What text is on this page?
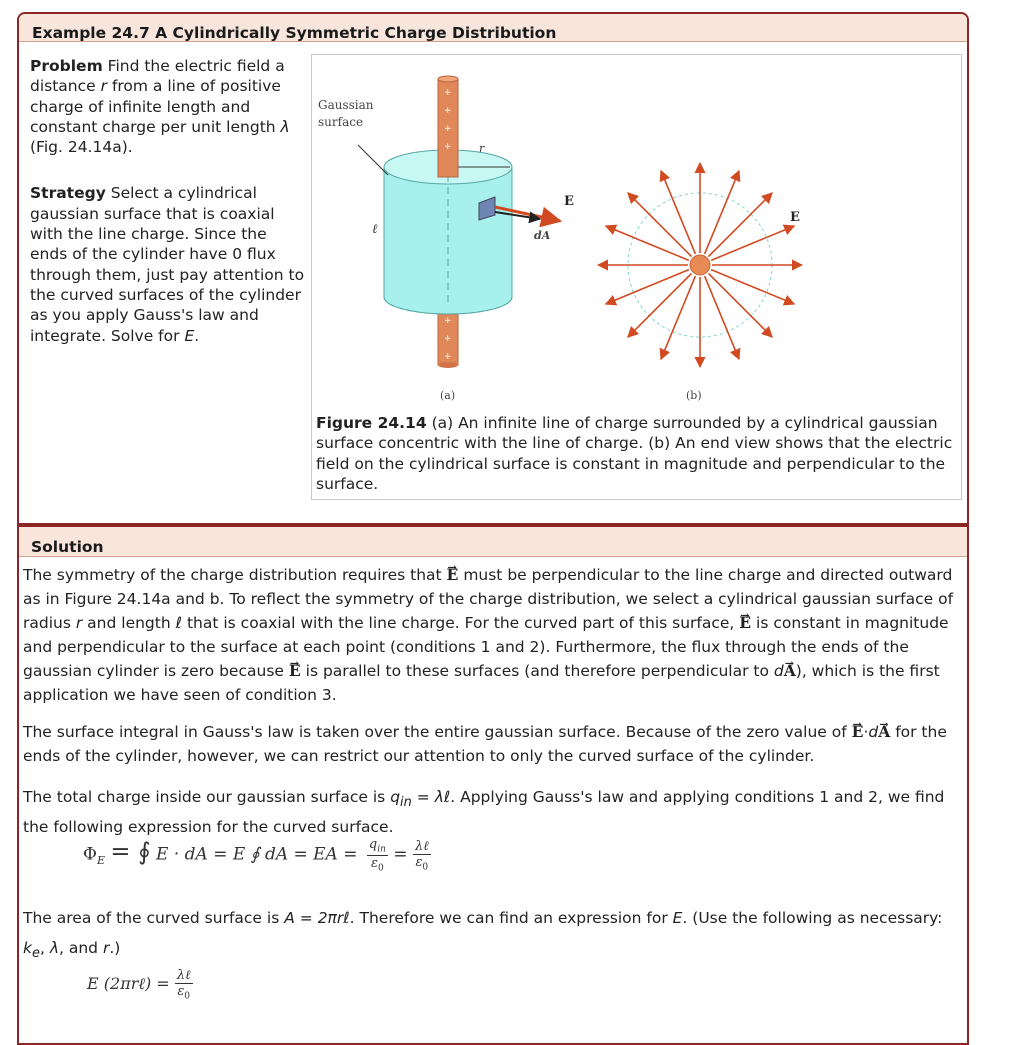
Example 24.7 A Cylindrically Symmetric Charge Distribution

Problem Find the electric field a distance r from a line of positive charge of infinite length and constant charge per unit length λ (Fig. 24.14a).

Strategy Select a cylindrical gaussian surface that is coaxial with the line charge. Since the ends of the cylinder have 0 flux through them, just pay attention to the curved surfaces of the cylinder as you apply Gauss's law and integrate. Solve for E.

+
+
+
+
+
+
+
Gaussian
surface
r
ℓ
E
dA
E
(a)	(b)
Figure 24.14 (a) An infinite line of charge surrounded by a cylindrical gaussian surface concentric with the line of charge. (b) An end view shows that the electric field on the cylindrical surface is constant in magnitude and perpendicular to the surface.
Solution
The symmetry of the charge distribution requires that → E must be perpendicular to the line charge and directed outward as in Figure 24.14a and b. To reflect the symmetry of the charge distribution, we select a cylindrical gaussian surface of radius r and length ℓ that is coaxial with the line charge. For the curved part of this surface, → E is constant in magnitude and perpendicular to the surface at each point (conditions 1 and 2). Furthermore, the flux through the ends of the gaussian cylinder is zero because → E is parallel to these surfaces (and therefore perpendicular to d→ A), which is the first application we have seen of condition 3.
The surface integral in Gauss's law is taken over the entire gaussian surface. Because of the zero value of → E·d→ A for the ends of the cylinder, however, we can restrict our attention to only the curved surface of the cylinder.
The total charge inside our gaussian surface is $q_{in}$ = λℓ. Applying Gauss's law and applying conditions 1 and 2, we find the following expression for the curved surface.
$\Phi_E$ = ∮ E · dA = E ∮ dA = EA =
$q_{in}$
$\varepsilon_0$
= λℓ
$\varepsilon_0$
The area of the curved surface is A = 2πrℓ. Therefore we can find an expression for E. (Use the following as necessary: $k_e$, λ, and r.)
E (2πrℓ) = λℓ
$\varepsilon_0$
